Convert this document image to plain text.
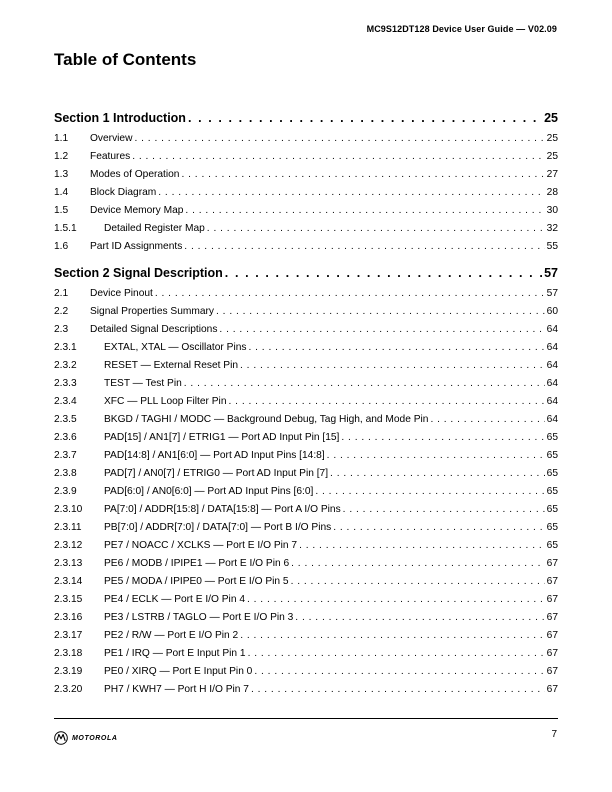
MC9S12DT128 Device User Guide — V02.09
Table of Contents
Section 1 Introduction . . .	25
1.1	Overview . . .	25
1.2	Features . . .	25
1.3	Modes of Operation . . .	27
1.4	Block Diagram . . .	28
1.5	Device Memory Map . . .	30
1.5.1	Detailed Register Map . . .	32
1.6	Part ID Assignments . . .	55
Section 2 Signal Description . . .	57
2.1	Device Pinout . . .	57
2.2	Signal Properties Summary . . .	60
2.3	Detailed Signal Descriptions . . .	64
2.3.1	EXTAL, XTAL — Oscillator Pins . . .	64
2.3.2	RESET — External Reset Pin . . .	64
2.3.3	TEST — Test Pin . . .	64
2.3.4	XFC — PLL Loop Filter Pin . . .	64
2.3.5	BKGD / TAGHI / MODC — Background Debug, Tag High, and Mode Pin . . .	64
2.3.6	PAD[15] / AN1[7] / ETRIG1 — Port AD Input Pin [15] . . .	65
2.3.7	PAD[14:8] / AN1[6:0] — Port AD Input Pins [14:8] . . .	65
2.3.8	PAD[7] / AN0[7] / ETRIG0 — Port AD Input Pin [7] . . .	65
2.3.9	PAD[6:0] / AN0[6:0] — Port AD Input Pins [6:0] . . .	65
2.3.10	PA[7:0] / ADDR[15:8] / DATA[15:8] — Port A I/O Pins . . .	65
2.3.11	PB[7:0] / ADDR[7:0] / DATA[7:0] — Port B I/O Pins . . .	65
2.3.12	PE7 / NOACC / XCLKS — Port E I/O Pin 7 . . .	65
2.3.13	PE6 / MODB / IPIPE1 — Port E I/O Pin 6 . . .	67
2.3.14	PE5 / MODA / IPIPE0 — Port E I/O Pin 5 . . .	67
2.3.15	PE4 / ECLK — Port E I/O Pin 4 . . .	67
2.3.16	PE3 / LSTRB / TAGLO — Port E I/O Pin 3 . . .	67
2.3.17	PE2 / R/W — Port E I/O Pin 2 . . .	67
2.3.18	PE1 / IRQ — Port E Input Pin 1 . . .	67
2.3.19	PE0 / XIRQ — Port E Input Pin 0 . . .	67
2.3.20	PH7 / KWH7 — Port H I/O Pin 7 . . .	67
MOTOROLA	7
